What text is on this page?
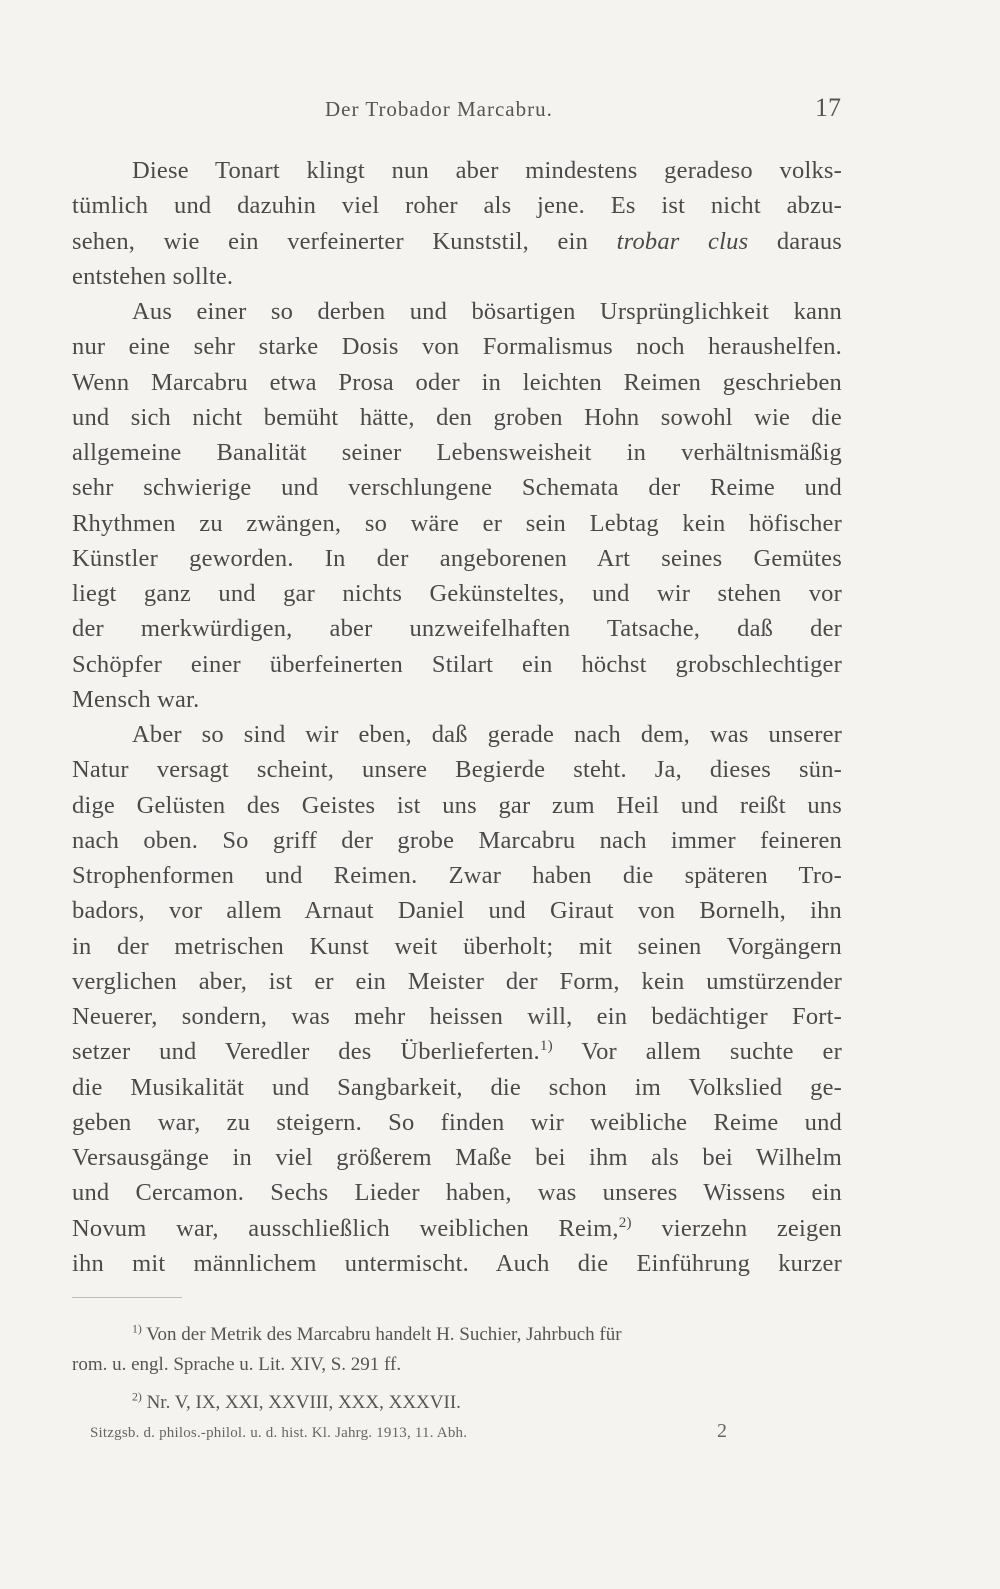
Der Trobador Marcabru.	17
Diese Tonart klingt nun aber mindestens geradeso volks-
tümlich und dazuhin viel roher als jene. Es ist nicht abzu-
sehen, wie ein verfeinerter Kunststil, ein trobar clus daraus
entstehen sollte.
Aus einer so derben und bösartigen Ursprünglichkeit kann
nur eine sehr starke Dosis von Formalismus noch heraushelfen.
Wenn Marcabru etwa Prosa oder in leichten Reimen geschrieben
und sich nicht bemüht hätte, den groben Hohn sowohl wie die
allgemeine Banalität seiner Lebensweisheit in verhältnismäßig
sehr schwierige und verschlungene Schemata der Reime und
Rhythmen zu zwängen, so wäre er sein Lebtag kein höfischer
Künstler geworden. In der angeborenen Art seines Gemütes
liegt ganz und gar nichts Gekünsteltes, und wir stehen vor
der merkwürdigen, aber unzweifelhaften Tatsache, daß der
Schöpfer einer überfeinerten Stilart ein höchst grobschlechtiger
Mensch war.
Aber so sind wir eben, daß gerade nach dem, was unserer
Natur versagt scheint, unsere Begierde steht. Ja, dieses sün-
dige Gelüsten des Geistes ist uns gar zum Heil und reißt uns
nach oben. So griff der grobe Marcabru nach immer feineren
Strophenformen und Reimen. Zwar haben die späteren Tro-
badors, vor allem Arnaut Daniel und Giraut von Bornelh, ihn
in der metrischen Kunst weit überholt; mit seinen Vorgängern
verglichen aber, ist er ein Meister der Form, kein umstürzender
Neuerer, sondern, was mehr heissen will, ein bedächtiger Fort-
setzer und Veredler des Überlieferten.$^{1)}$ Vor allem suchte er
die Musikalität und Sangbarkeit, die schon im Volkslied ge-
geben war, zu steigern. So finden wir weibliche Reime und
Versausgänge in viel größerem Maße bei ihm als bei Wilhelm
und Cercamon. Sechs Lieder haben, was unseres Wissens ein
Novum war, ausschließlich weiblichen Reim,$^{2)}$ vierzehn zeigen
ihn mit männlichem untermischt. Auch die Einführung kurzer
$^{1)}$ Von der Metrik des Marcabru handelt H. Suchier, Jahrbuch für
rom. u. engl. Sprache u. Lit. XIV, S. 291 ff.
$^{2)}$ Nr. V, IX, XXI, XXVIII, XXX, XXXVII.
Sitzgsb. d. philos.-philol. u. d. hist. Kl. Jahrg. 1913, 11. Abh.	2
